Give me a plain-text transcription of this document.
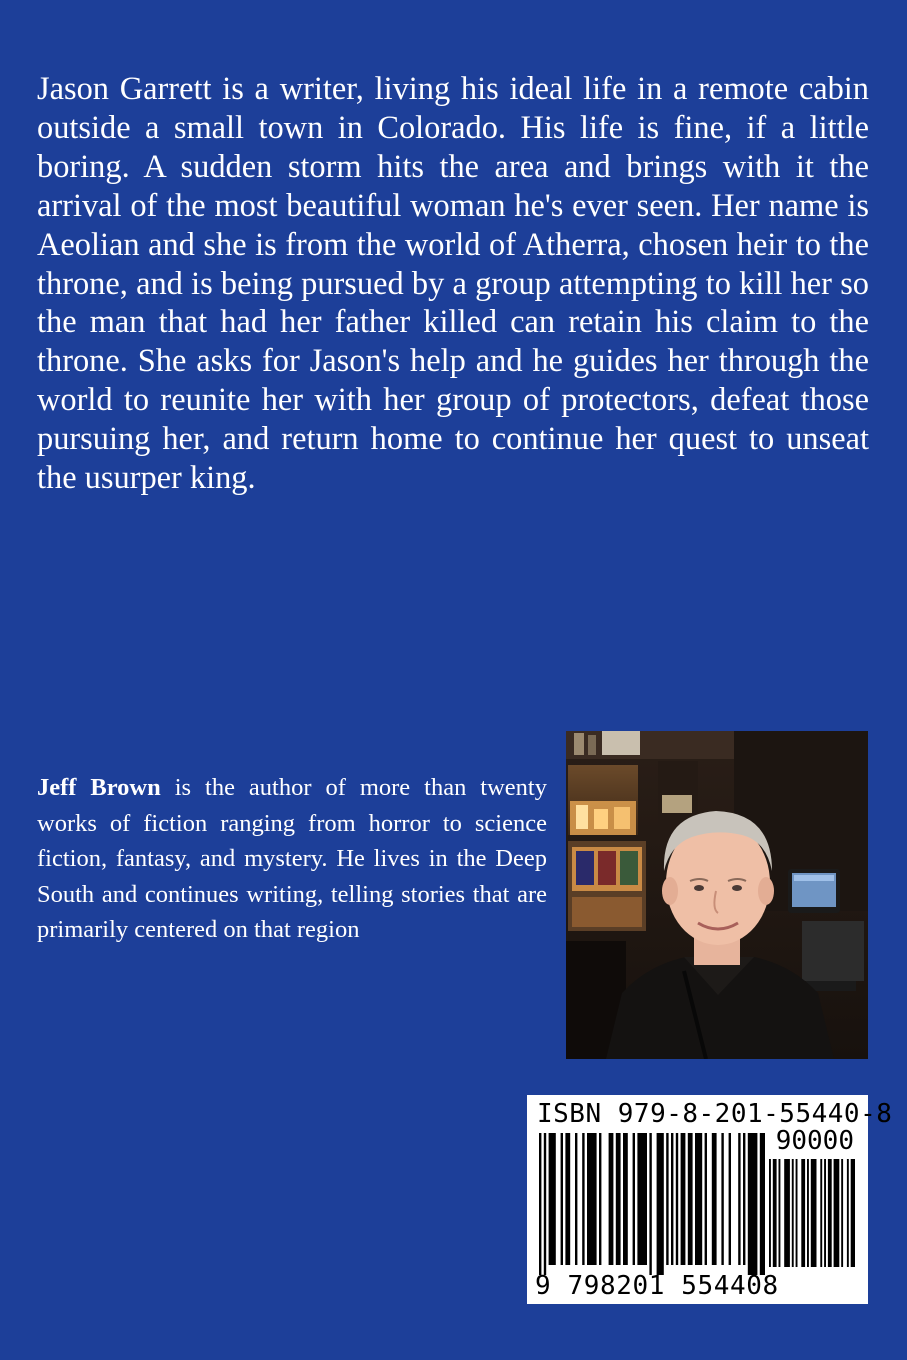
Jason Garrett is a writer, living his ideal life in a remote cabin outside a small town in Colorado. His life is fine, if a little boring. A sudden storm hits the area and brings with it the arrival of the most beautiful woman he's ever seen. Her name is Aeolian and she is from the world of Atherra, chosen heir to the throne, and is being pursued by a group attempting to kill her so the man that had her father killed can retain his claim to the throne. She asks for Jason's help and he guides her through the world to reunite her with her group of protectors, defeat those pursuing her, and return home to continue her quest to unseat the usurper king.

Jeff Brown is the author of more than twenty works of fiction ranging from horror to science fiction, fantasy, and mystery. He lives in the Deep South and continues writing, telling stories that are primarily centered on that region

ISBN 979-8-201-55440-8
90000
9 798201 554408
